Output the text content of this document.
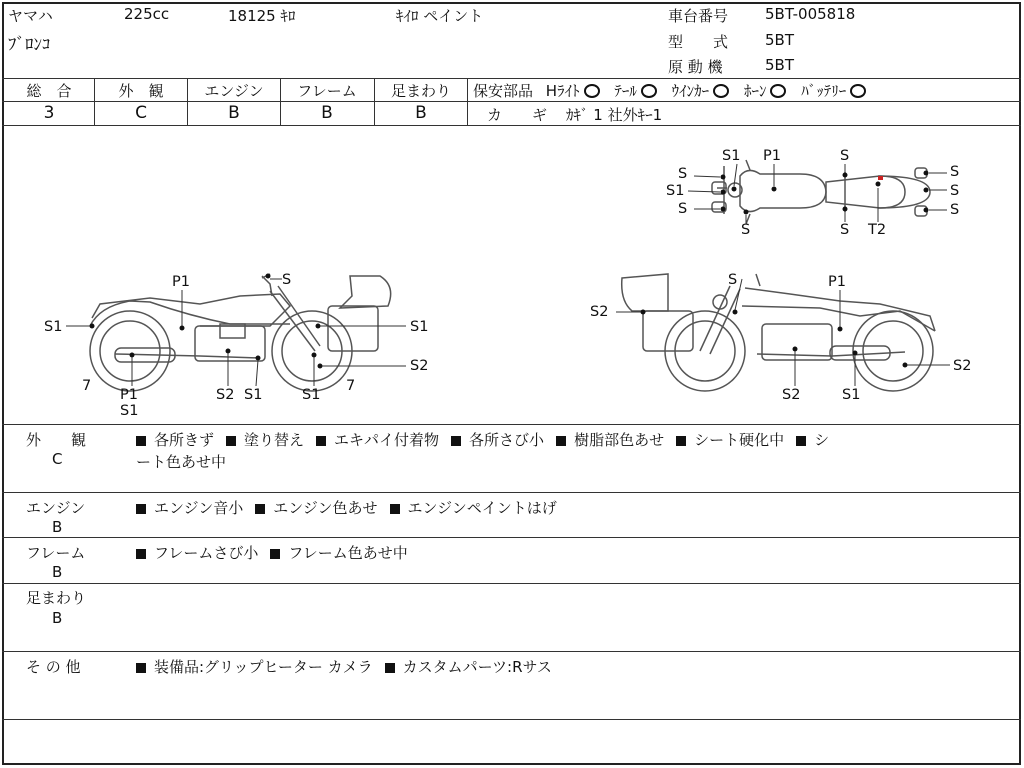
ヤマハ	225cc	18125 ｷﾛ	ｷｲﾛ ペイント
ﾌﾞﾛﾝｺ
車台番号 5BT-005818
型　　式 5BT
原 動 機	5BT
総　合	外　観	エンジン	フレーム	足まわり
3	C	B	B	B
保安部品 Hﾗｲﾄ ﾃｰﾙ ｳｲﾝｶｰ ﾎｰﾝ ﾊﾞｯﾃﾘｰ
カ　　ギ ｶｷﾞ 1 社外ｷｰ1
S1 P1	S
S
S1
S
S	S
S
S
S
T2
P1	S
S1	S1
S2
7	7
P1
S1
S2 S1	S1
S	P1
S2
S2
S2	S1
外　　観
C
各所きず 塗り替え エキパイ付着物 各所さび小 樹脂部色あせ シート硬化中 シ
ート色あせ中
エンジン
B
エンジン音小 エンジン色あせ エンジンペイントはげ
フレーム
B
フレームさび小 フレーム色あせ中
足まわり
B
そ の 他	装備品:グリップヒーター カメラ カスタムパーツ:Rサス
